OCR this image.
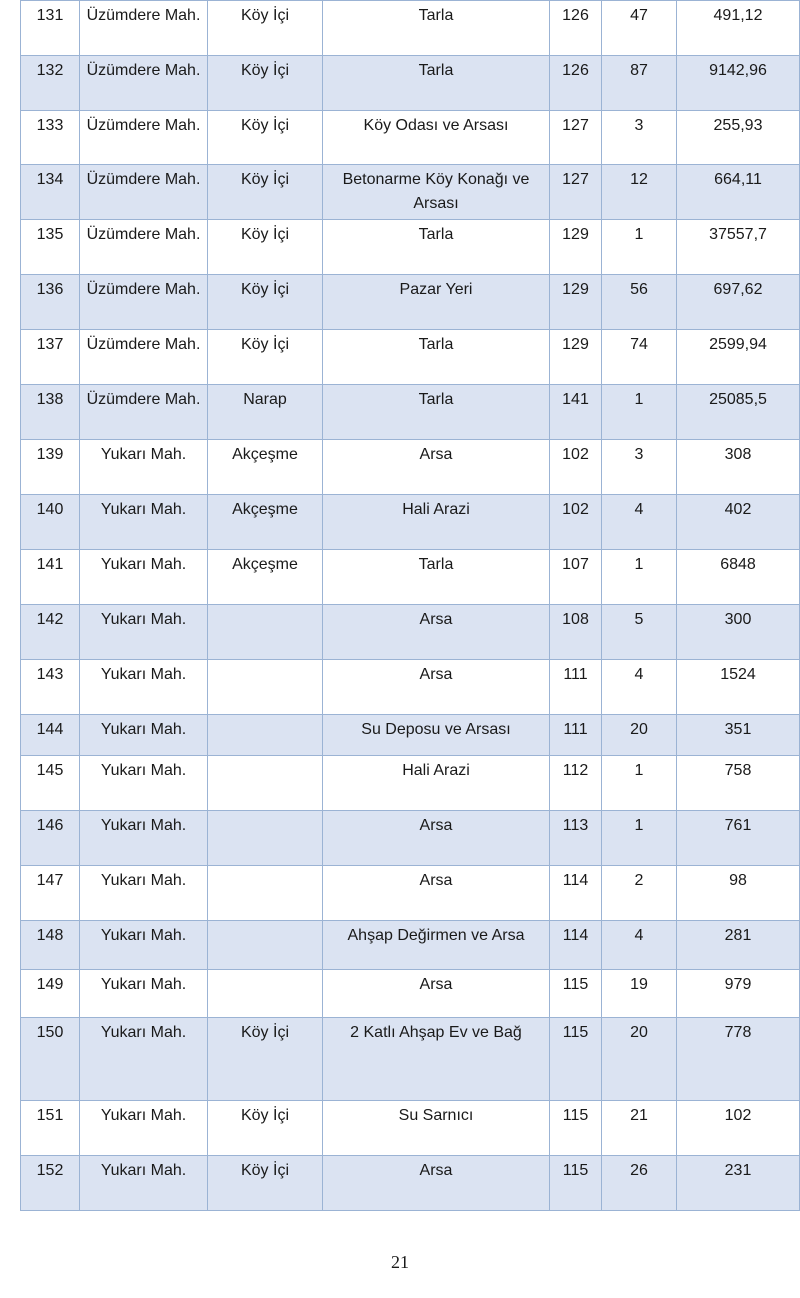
131	Üzümdere Mah.	Köy İçi	Tarla	126	47	491,12
132	Üzümdere Mah.	Köy İçi	Tarla	126	87	9142,96
133	Üzümdere Mah.	Köy İçi	Köy Odası ve Arsası	127	3	255,93
134	Üzümdere Mah.	Köy İçi	Betonarme Köy Konağı ve Arsası	127	12	664,11
135	Üzümdere Mah.	Köy İçi	Tarla	129	1	37557,7
136	Üzümdere Mah.	Köy İçi	Pazar Yeri	129	56	697,62
137	Üzümdere Mah.	Köy İçi	Tarla	129	74	2599,94
138	Üzümdere Mah.	Narap	Tarla	141	1	25085,5
139	Yukarı Mah.	Akçeşme	Arsa	102	3	308
140	Yukarı Mah.	Akçeşme	Hali Arazi	102	4	402
141	Yukarı Mah.	Akçeşme	Tarla	107	1	6848
142	Yukarı Mah.		Arsa	108	5	300
143	Yukarı Mah.		Arsa	111	4	1524
144	Yukarı Mah.		Su Deposu ve Arsası	111	20	351
145	Yukarı Mah.		Hali Arazi	112	1	758
146	Yukarı Mah.		Arsa	113	1	761
147	Yukarı Mah.		Arsa	114	2	98
148	Yukarı Mah.		Ahşap Değirmen ve Arsa	114	4	281
149	Yukarı Mah.		Arsa	115	19	979
150	Yukarı Mah.	Köy İçi	2 Katlı Ahşap Ev ve Bağ	115	20	778
151	Yukarı Mah.	Köy İçi	Su Sarnıcı	115	21	102
152	Yukarı Mah.	Köy İçi	Arsa	115	26	231
21
